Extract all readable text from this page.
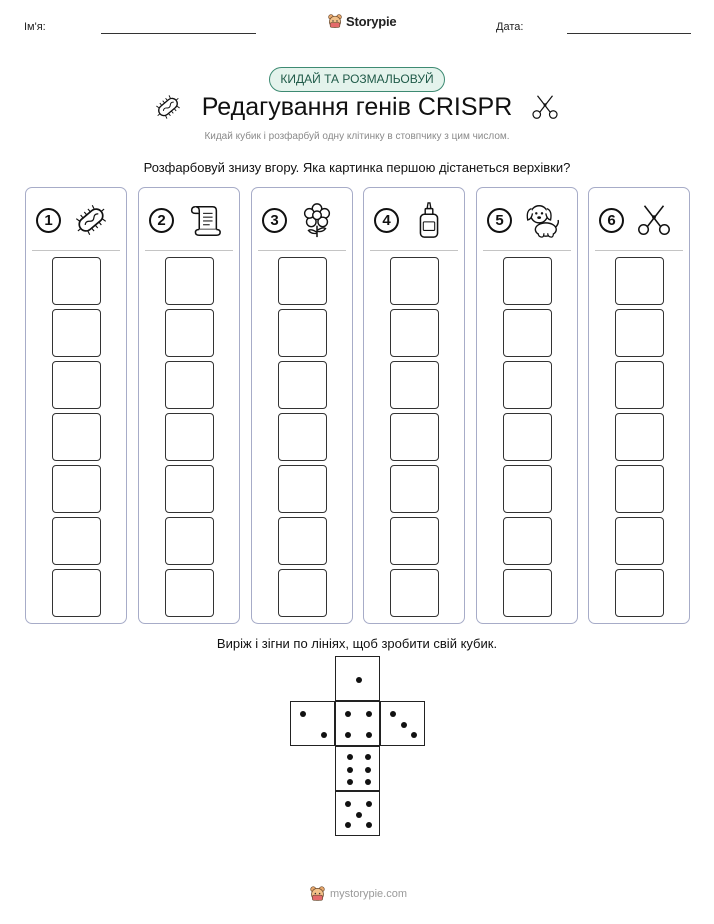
Ім'я:	Storypie	Дата:
КИДАЙ ТА РОЗМАЛЬОВУЙ
Редагування генів CRISPR
Кидай кубик і розфарбуй одну клітинку в стовпчику з цим числом.
Розфарбовуй знизу вгору. Яка картинка першою дістанеться верхівки?
1	2	3	4	5	6
Виріж і зігни по лініях, щоб зробити свій кубик.
mystorypie.com
